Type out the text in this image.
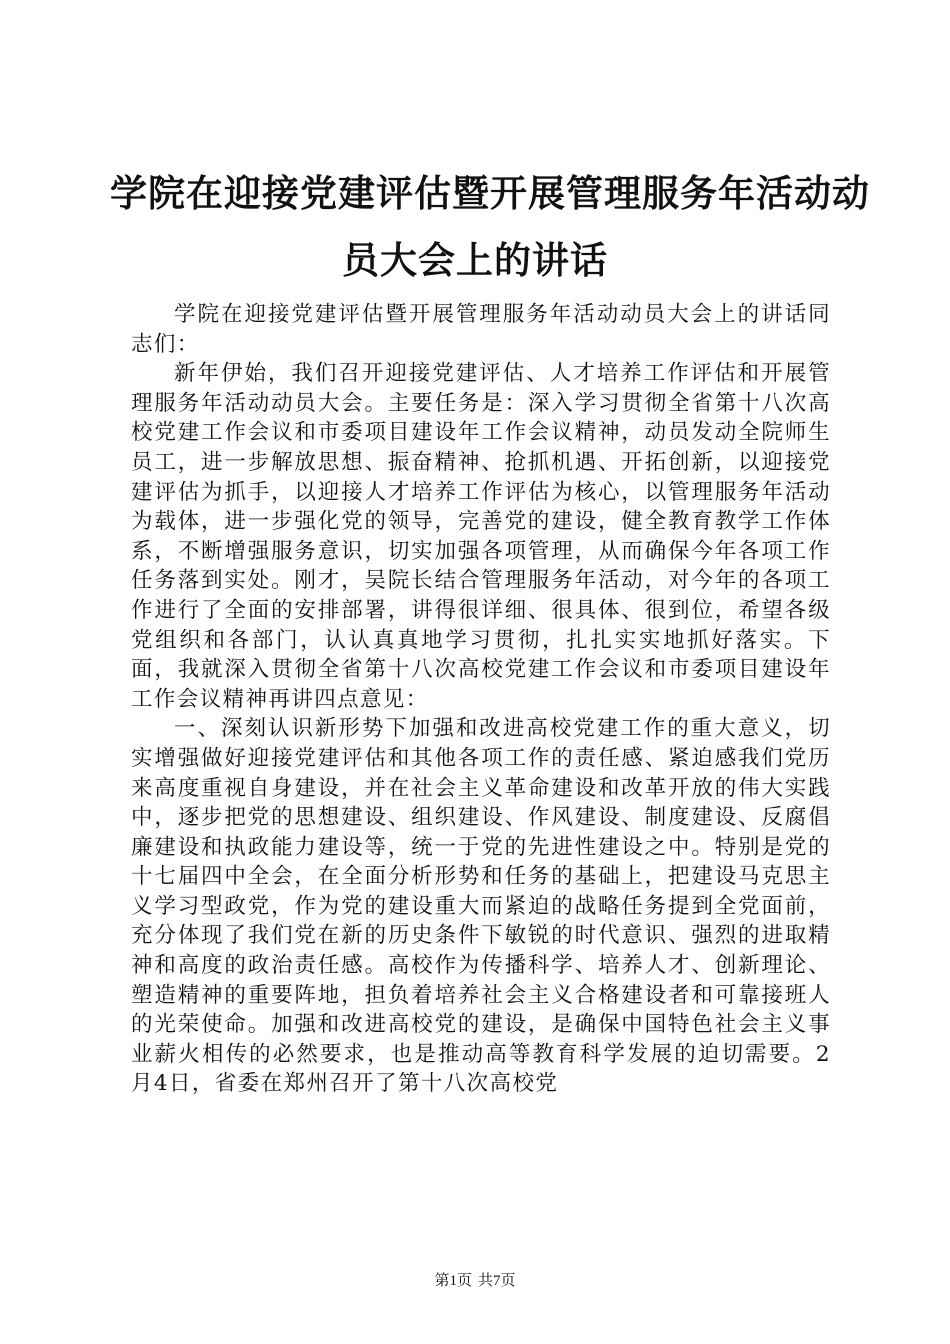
学院在迎接党建评估暨开展管理服务年活动动
员大会上的讲话

学院在迎接党建评估暨开展管理服务年活动动员大会上的讲话同志们：

新年伊始，我们召开迎接党建评估、人才培养工作评估和开展管理服务年活动动员大会。主要任务是：深入学习贯彻全省第十八次高校党建工作会议和市委项目建设年工作会议精神，动员发动全院师生员工，进一步解放思想、振奋精神、抢抓机遇、开拓创新，以迎接党建评估为抓手，以迎接人才培养工作评估为核心，以管理服务年活动为载体，进一步强化党的领导，完善党的建设，健全教育教学工作体系，不断增强服务意识，切实加强各项管理，从而确保今年各项工作任务落到实处。刚才，吴院长结合管理服务年活动，对今年的各项工作进行了全面的安排部署，讲得很详细、很具体、很到位，希望各级党组织和各部门，认认真真地学习贯彻，扎扎实实地抓好落实。下面，我就深入贯彻全省第十八次高校党建工作会议和市委项目建设年工作会议精神再讲四点意见：

一、深刻认识新形势下加强和改进高校党建工作的重大意义，切实增强做好迎接党建评估和其他各项工作的责任感、紧迫感我们党历来高度重视自身建设，并在社会主义革命建设和改革开放的伟大实践中，逐步把党的思想建设、组织建设、作风建设、制度建设、反腐倡廉建设和执政能力建设等，统一于党的先进性建设之中。特别是党的十七届四中全会，在全面分析形势和任务的基础上，把建设马克思主义学习型政党，作为党的建设重大而紧迫的战略任务提到全党面前，充分体现了我们党在新的历史条件下敏锐的时代意识、强烈的进取精神和高度的政治责任感。高校作为传播科学、培养人才、创新理论、塑造精神的重要阵地，担负着培养社会主义合格建设者和可靠接班人的光荣使命。加强和改进高校党的建设，是确保中国特色社会主义事业薪火相传的必然要求，也是推动高等教育科学发展的迫切需要。2月4日，省委在郑州召开了第十八次高校党

第1页 共7页
